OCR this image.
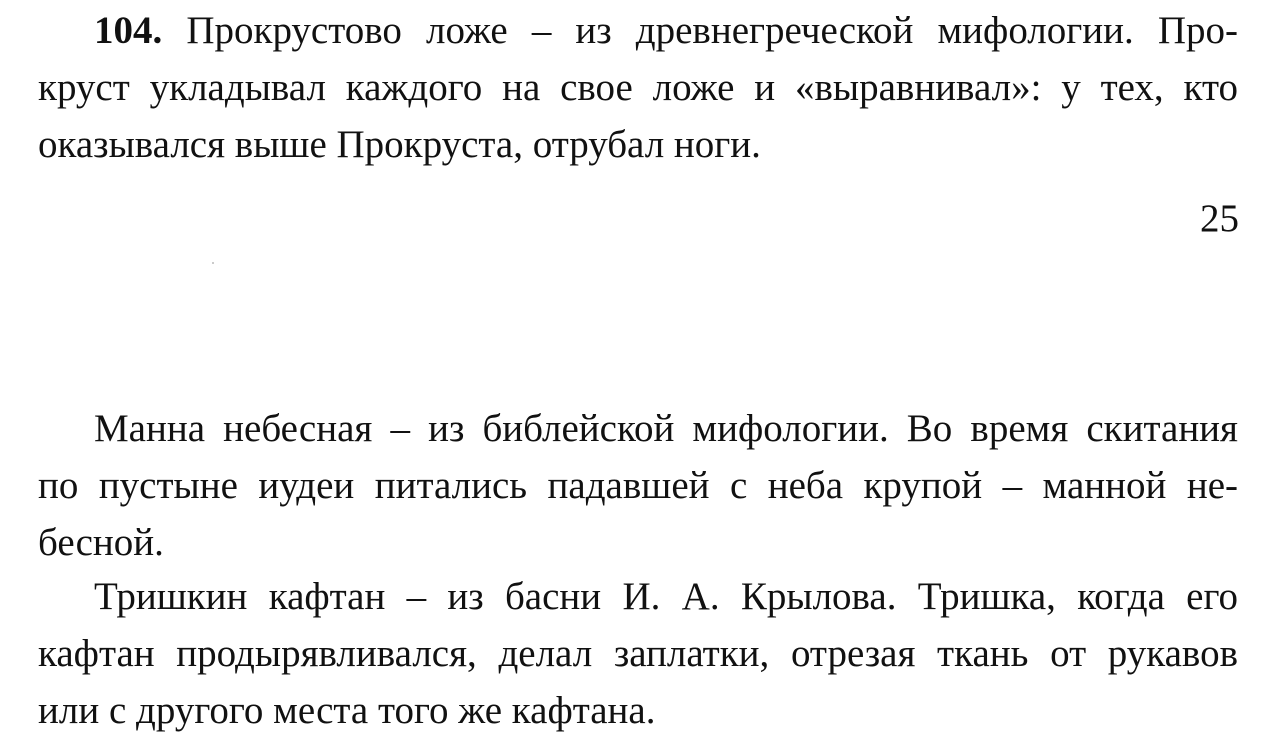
104. Прокрустово ложе – из древнегреческой мифологии. Про-
круст укладывал каждого на свое ложе и «выравнивал»: у тех, кто
оказывался выше Прокруста, отрубал ноги.
25
Манна небесная – из библейской мифологии. Во время скитания
по пустыне иудеи питались падавшей с неба крупой – манной не-
бесной.
Тришкин кафтан – из басни И. А. Крылова. Тришка, когда его
кафтан продырявливался, делал заплатки, отрезая ткань от рукавов
или с другого места того же кафтана.
